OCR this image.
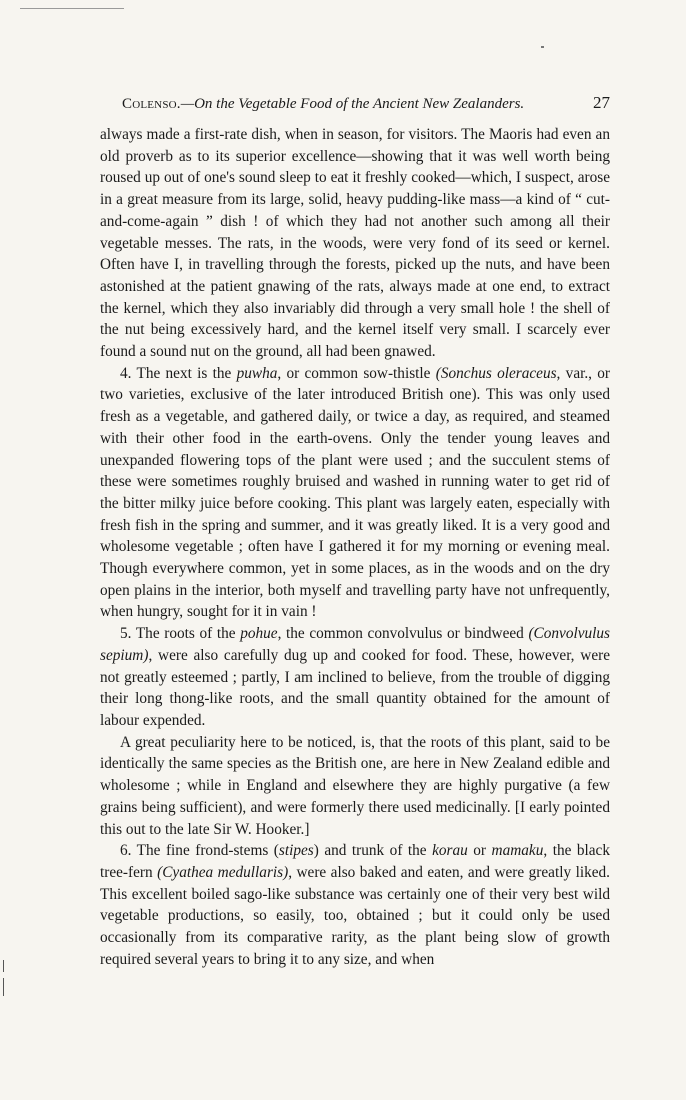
Colenso.—On the Vegetable Food of the Ancient New Zealanders.	27

always made a first-rate dish, when in season, for visitors. The Maoris had even an old proverb as to its superior excellence—showing that it was well worth being roused up out of one's sound sleep to eat it freshly cooked—which, I suspect, arose in a great measure from its large, solid, heavy pudding-like mass—a kind of “ cut-and-come-again ” dish ! of which they had not another such among all their vegetable messes. The rats, in the woods, were very fond of its seed or kernel. Often have I, in travelling through the forests, picked up the nuts, and have been astonished at the patient gnawing of the rats, always made at one end, to extract the kernel, which they also invariably did through a very small hole ! the shell of the nut being excessively hard, and the kernel itself very small. I scarcely ever found a sound nut on the ground, all had been gnawed.

4. The next is the puwha, or common sow-thistle (Sonchus oleraceus, var., or two varieties, exclusive of the later introduced British one). This was only used fresh as a vegetable, and gathered daily, or twice a day, as required, and steamed with their other food in the earth-ovens. Only the tender young leaves and unexpanded flowering tops of the plant were used ; and the succulent stems of these were sometimes roughly bruised and washed in running water to get rid of the bitter milky juice before cooking. This plant was largely eaten, especially with fresh fish in the spring and summer, and it was greatly liked. It is a very good and wholesome vegetable ; often have I gathered it for my morning or evening meal. Though everywhere common, yet in some places, as in the woods and on the dry open plains in the interior, both myself and travelling party have not unfrequently, when hungry, sought for it in vain !

5. The roots of the pohue, the common convolvulus or bindweed (Convolvulus sepium), were also carefully dug up and cooked for food. These, however, were not greatly esteemed ; partly, I am inclined to believe, from the trouble of digging their long thong-like roots, and the small quantity obtained for the amount of labour expended.

A great peculiarity here to be noticed, is, that the roots of this plant, said to be identically the same species as the British one, are here in New Zealand edible and wholesome ; while in England and elsewhere they are highly purgative (a few grains being sufficient), and were formerly there used medicinally. [I early pointed this out to the late Sir W. Hooker.]

6. The fine frond-stems (stipes) and trunk of the korau or mamaku, the black tree-fern (Cyathea medullaris), were also baked and eaten, and were greatly liked. This excellent boiled sago-like substance was certainly one of their very best wild vegetable productions, so easily, too, obtained ; but it could only be used occasionally from its comparative rarity, as the plant being slow of growth required several years to bring it to any size, and when
